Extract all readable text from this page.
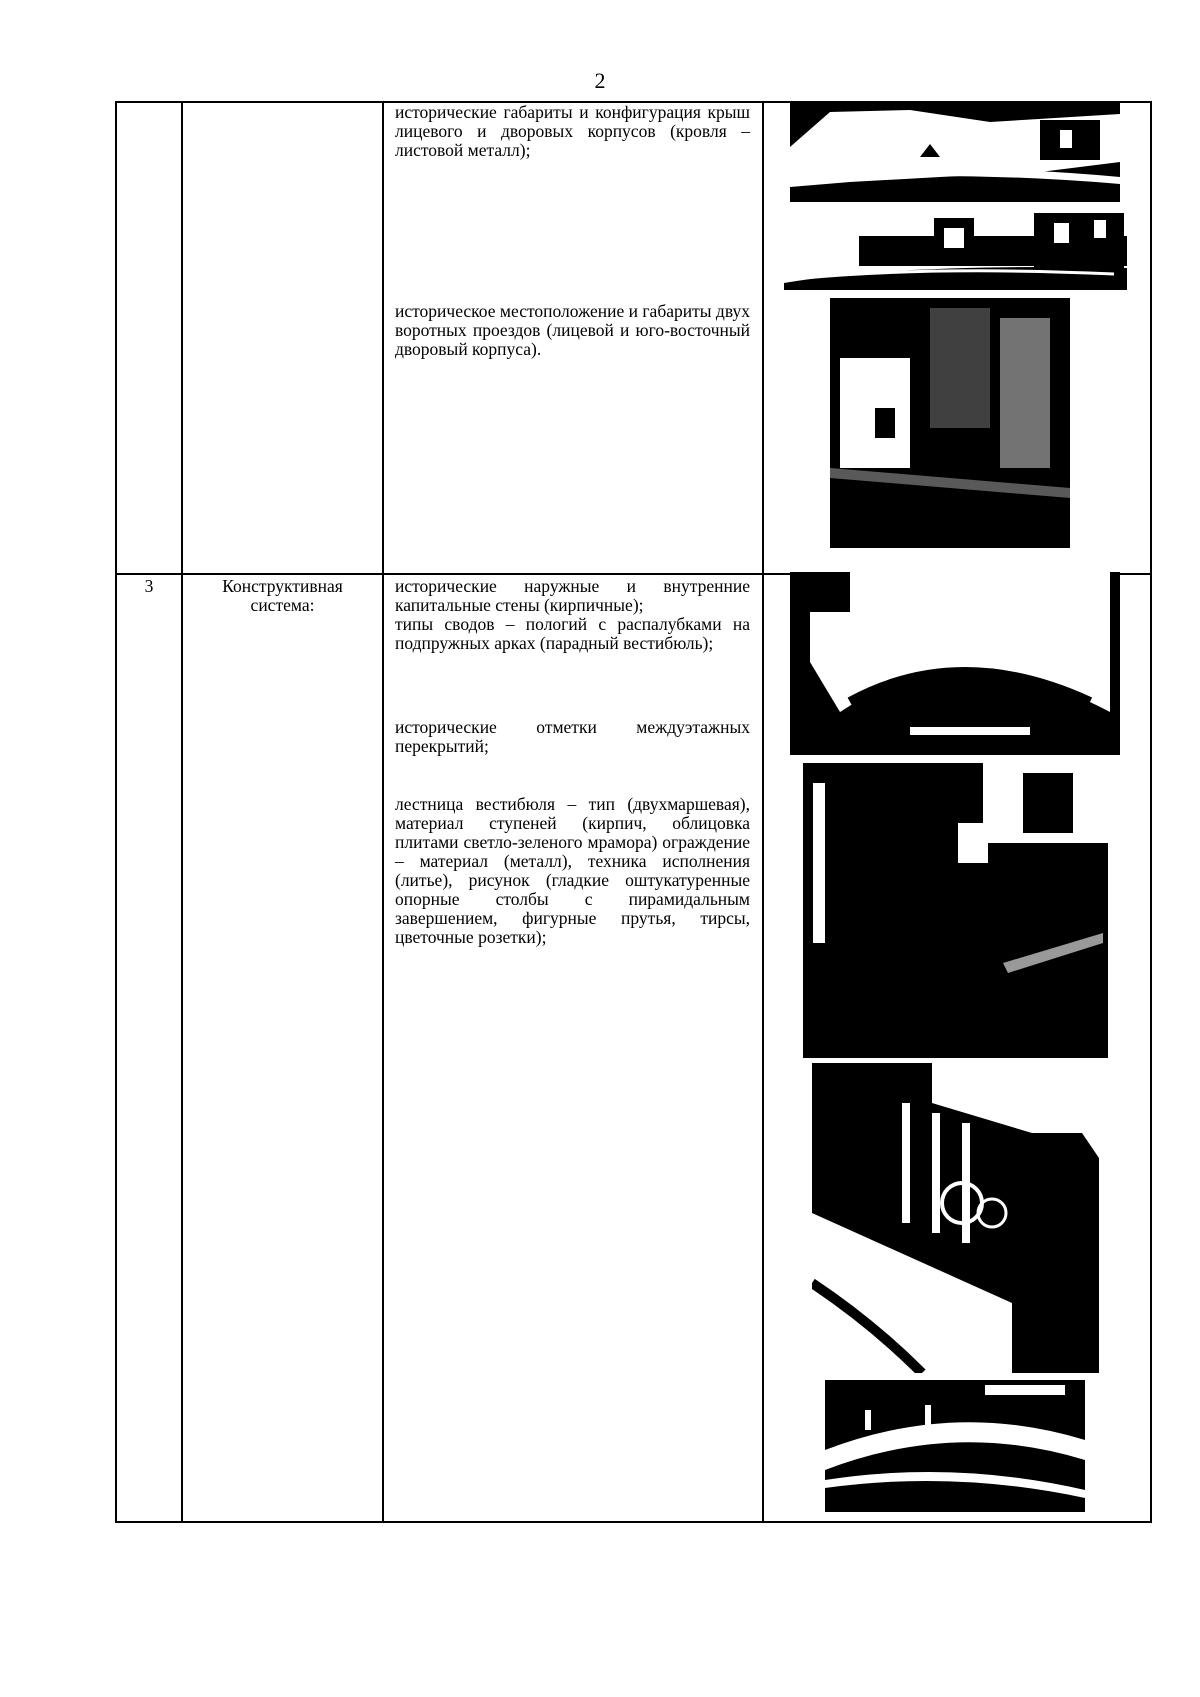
2
исторические габариты и конфигурация крыш лицевого и дворовых корпусов (кровля – листовой металл);
историческое местоположение и габариты двух воротных проездов (лицевой и юго-восточный дворовый корпуса).
3	Конструктивная система:
исторические наружные и внутренние капитальные стены (кирпичные);
типы сводов – пологий с распалубками на подпружных арках (парадный вестибюль);
исторические отметки междуэтажных перекрытий;
лестница вестибюля – тип (двухмаршевая), материал ступеней (кирпич, облицовка плитами светло-зеленого мрамора) ограждение – материал (металл), техника исполнения (литье), рисунок (гладкие оштукатуренные опорные столбы с пирамидальным завершением, фигурные прутья, тирсы, цветочные розетки);
